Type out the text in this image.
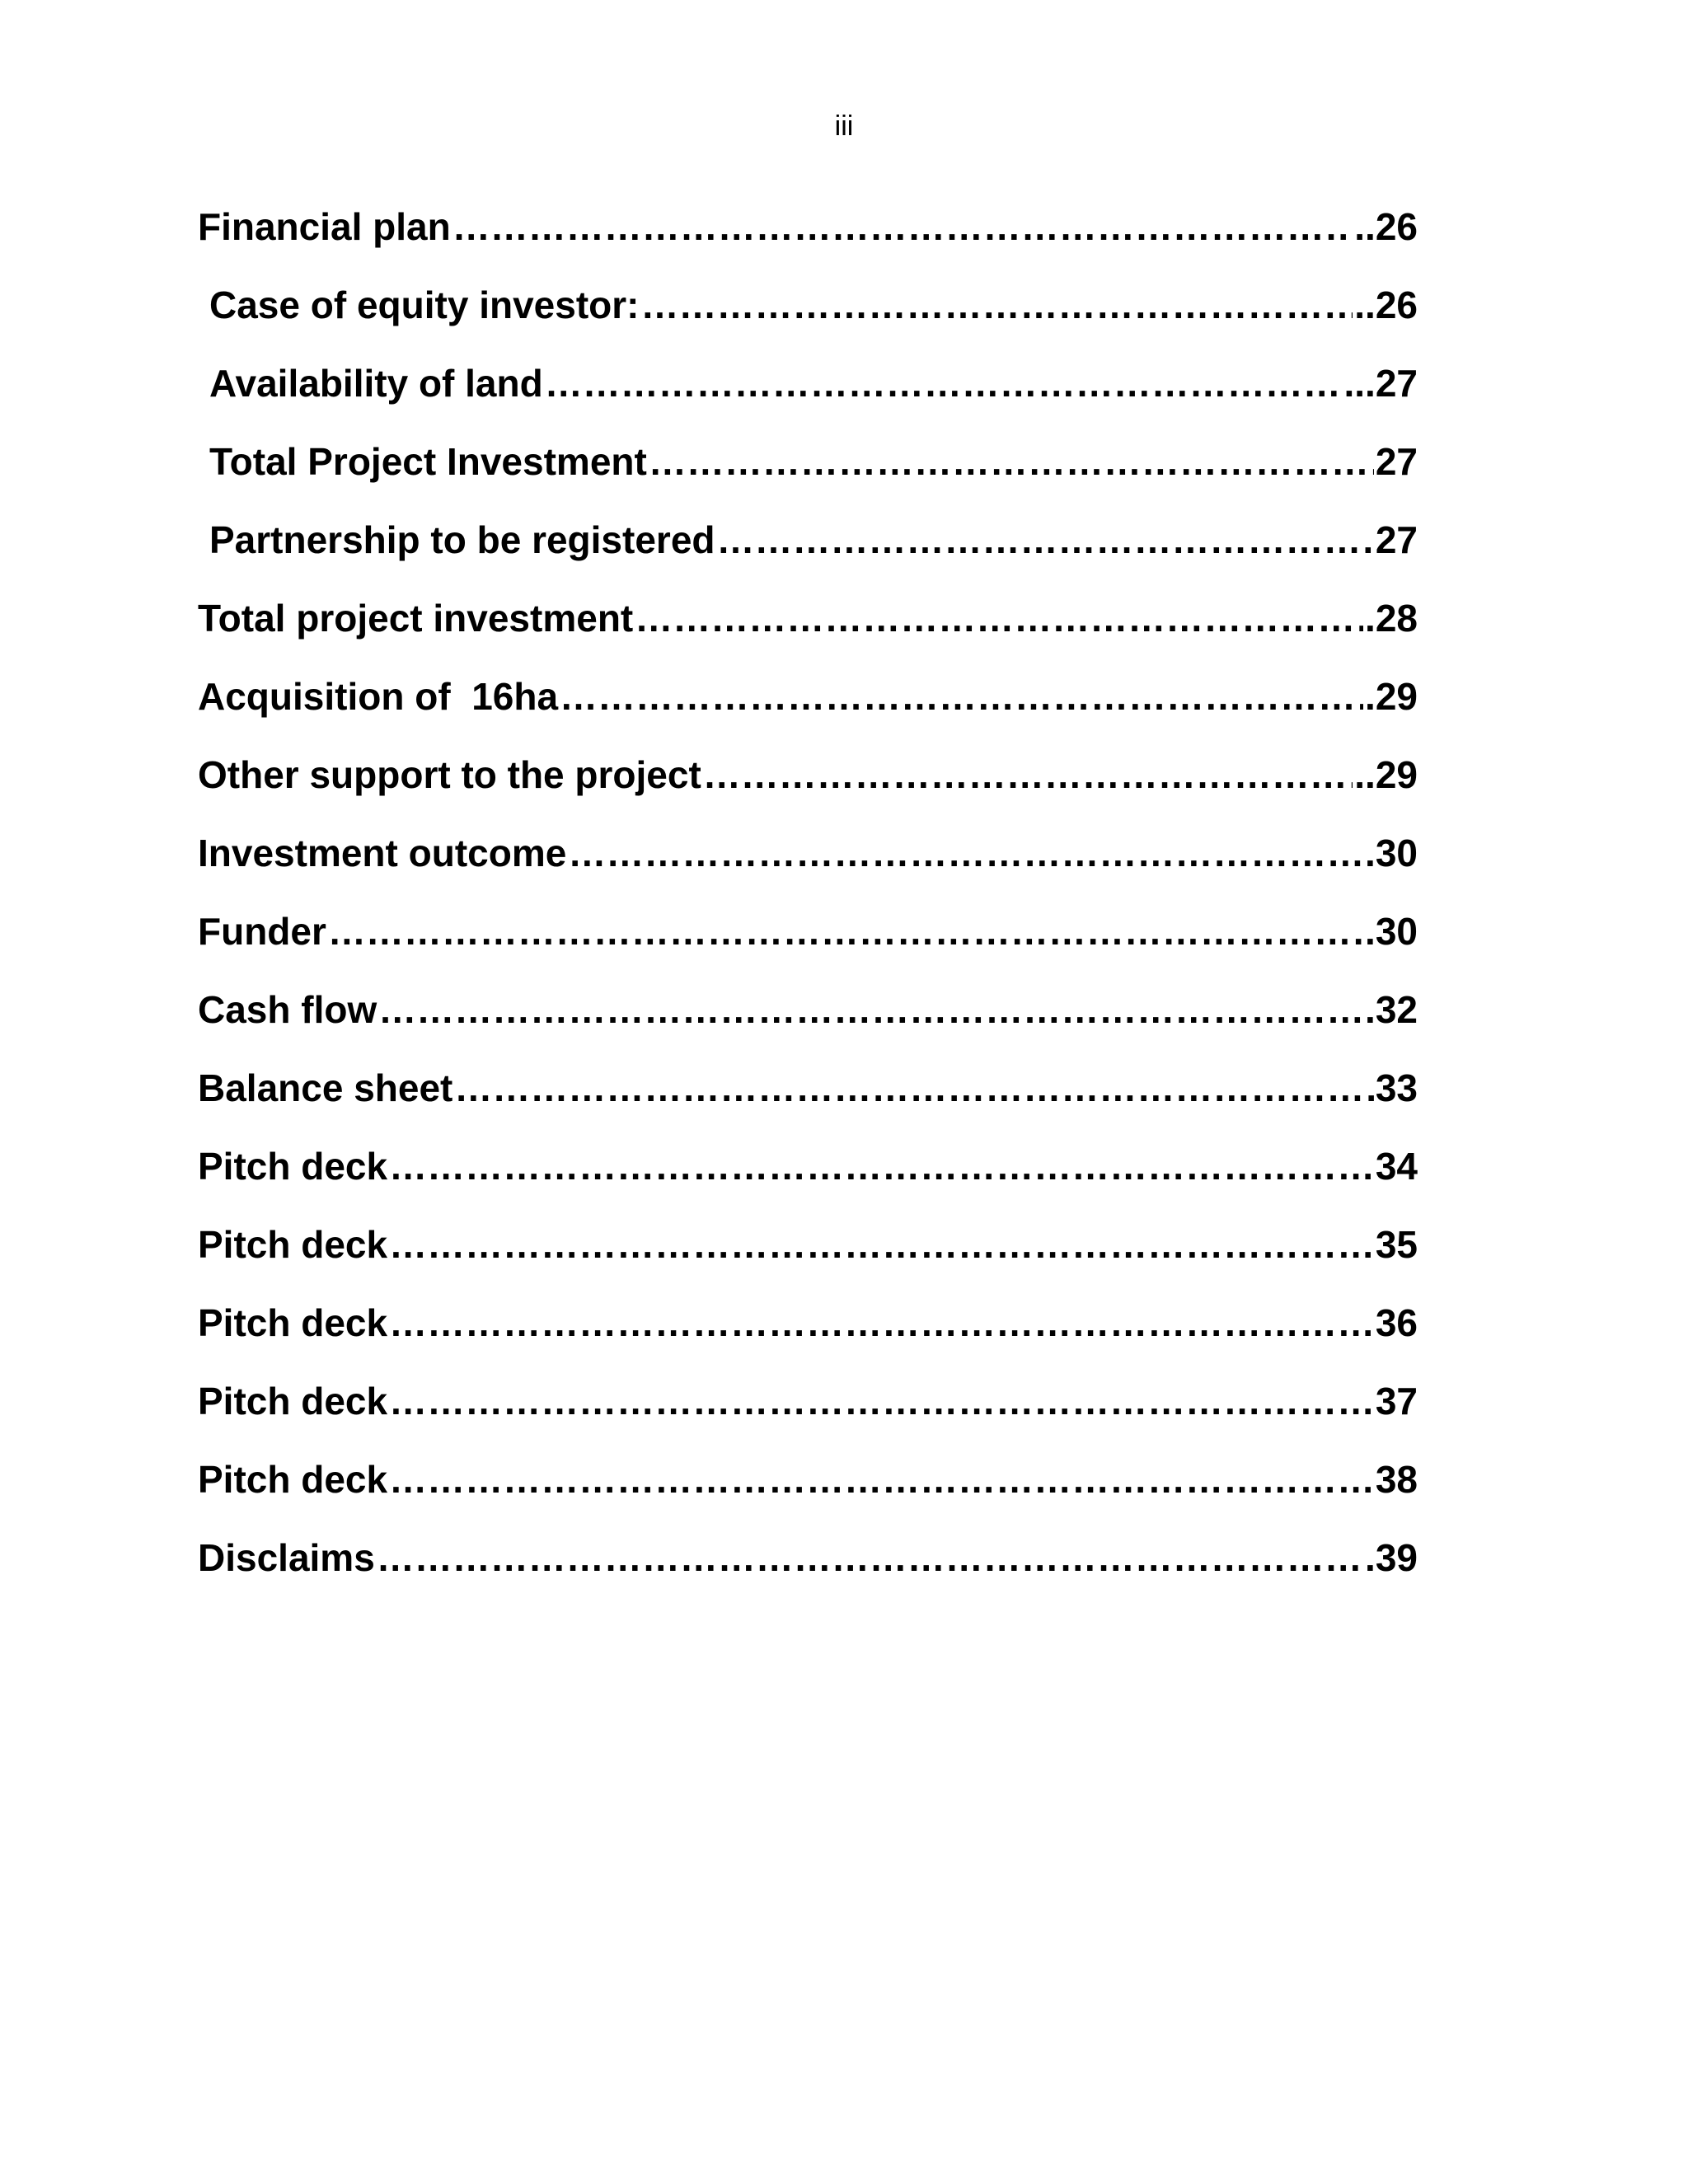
iii
Financial plan ……………………………………………………………………………………………………………………………………………………………………………………	..26
Case of equity investor: ……………………………………………………………………………………………………………………………………………………………………………………	..26
Availability of land ……………………………………………………………………………………………………………………………………………………………………………………	...27
Total Project Investment ……………………………………………………………………………………………………………………………………………………………………………………	27
Partnership to be registered ……………………………………………………………………………………………………………………………………………………………………………………	27
Total project investment ……………………………………………………………………………………………………………………………………………………………………………………	.28
Acquisition of  16ha ……………………………………………………………………………………………………………………………………………………………………………………	.29
Other support to the project ……………………………………………………………………………………………………………………………………………………………………………………	..29
Investment outcome ……………………………………………………………………………………………………………………………………………………………………………………	.30
Funder ……………………………………………………………………………………………………………………………………………………………………………………	.30
Cash flow ……………………………………………………………………………………………………………………………………………………………………………………	.32
Balance sheet ……………………………………………………………………………………………………………………………………………………………………………………	33
Pitch deck ……………………………………………………………………………………………………………………………………………………………………………………	34
Pitch deck ……………………………………………………………………………………………………………………………………………………………………………………	35
Pitch deck ……………………………………………………………………………………………………………………………………………………………………………………	36
Pitch deck ……………………………………………………………………………………………………………………………………………………………………………………	37
Pitch deck ……………………………………………………………………………………………………………………………………………………………………………………	38
Disclaims ……………………………………………………………………………………………………………………………………………………………………………………	.39
